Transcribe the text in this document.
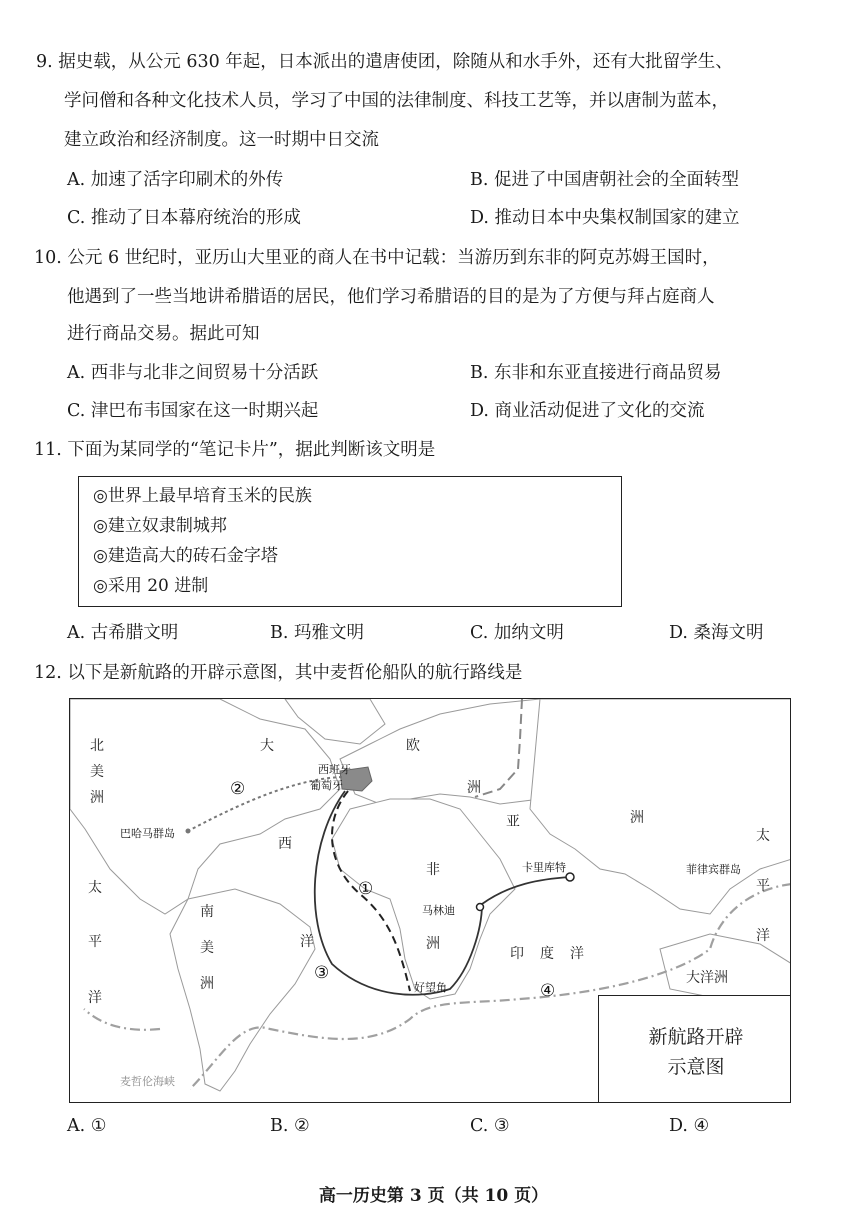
9. 据史载，从公元 630 年起，日本派出的遣唐使团，除随从和水手外，还有大批留学生、
学问僧和各种文化技术人员，学习了中国的法律制度、科技工艺等，并以唐制为蓝本，
建立政治和经济制度。这一时期中日交流
A. 加速了活字印刷术的外传	B. 促进了中国唐朝社会的全面转型
C. 推动了日本幕府统治的形成	D. 推动日本中央集权制国家的建立
10. 公元 6 世纪时，亚历山大里亚的商人在书中记载：当游历到东非的阿克苏姆王国时，
他遇到了一些当地讲希腊语的居民，他们学习希腊语的目的是为了方便与拜占庭商人
进行商品交易。据此可知
A. 西非与北非之间贸易十分活跃	B. 东非和东亚直接进行商品贸易
C. 津巴布韦国家在这一时期兴起	D. 商业活动促进了文化的交流
11. 下面为某同学的“笔记卡片”，据此判断该文明是
◎世界上最早培育玉米的民族
◎建立奴隶制城邦
◎建造高大的砖石金字塔
◎采用 20 进制
A. 古希腊文明	B. 玛雅文明	C. 加纳文明	D. 桑海文明
12. 以下是新航路的开辟示意图，其中麦哲伦船队的航行路线是
北
美
洲
太
平
洋
南
美
洲
大
西
洋
欧
洲
亚	洲
非
洲
印 度 洋
太
平
洋
大洋洲
西班牙
葡萄牙
巴哈马群岛
卡里库特
马林迪
菲律宾群岛
好望角
麦哲伦海峡
①
②
③
④
新航路开辟
示意图
A. ①	B. ②	C. ③	D. ④
高一历史第 3 页（共 10 页）
